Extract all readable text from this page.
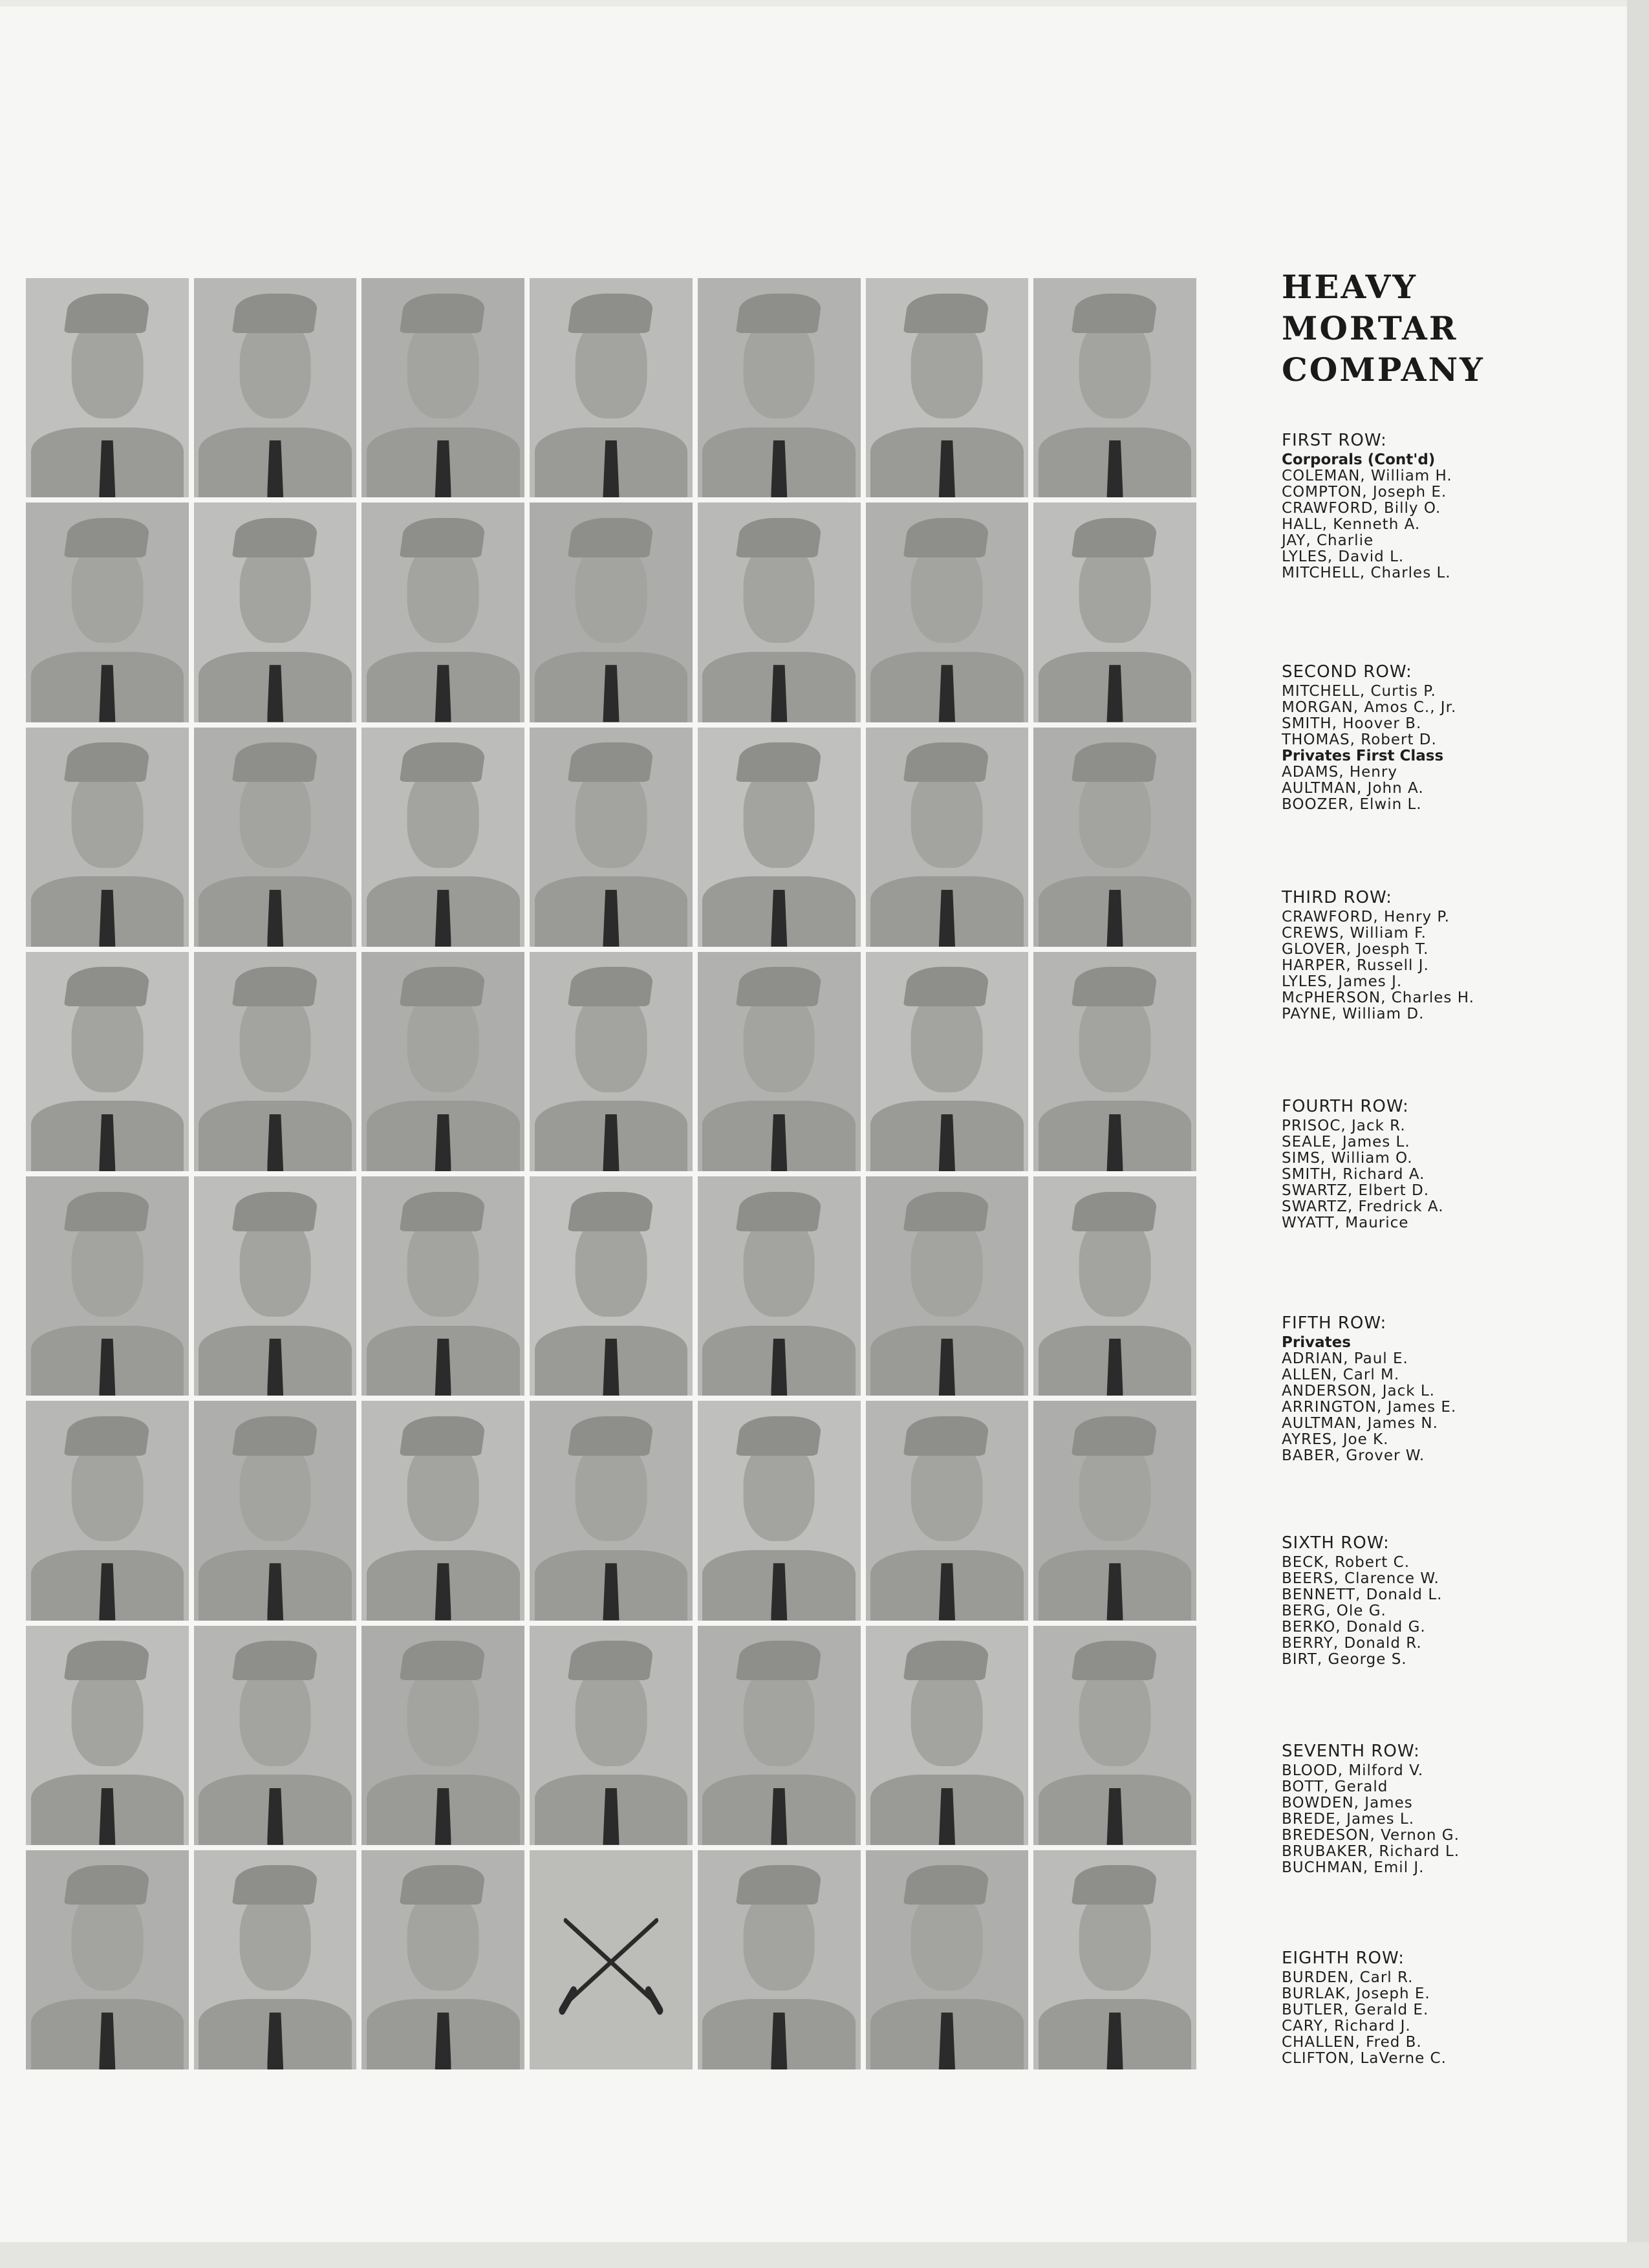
HEAVY
MORTAR
COMPANY
FIRST ROW:
Corporals (Cont'd)
COLEMAN, William H.
COMPTON, Joseph E.
CRAWFORD, Billy O.
HALL, Kenneth A.
JAY, Charlie
LYLES, David L.
MITCHELL, Charles L.
SECOND ROW:
MITCHELL, Curtis P.
MORGAN, Amos C., Jr.
SMITH, Hoover B.
THOMAS, Robert D.
Privates First Class
ADAMS, Henry
AULTMAN, John A.
BOOZER, Elwin L.
THIRD ROW:
CRAWFORD, Henry P.
CREWS, William F.
GLOVER, Joesph T.
HARPER, Russell J.
LYLES, James J.
McPHERSON, Charles H.
PAYNE, William D.
FOURTH ROW:
PRISOC, Jack R.
SEALE, James L.
SIMS, William O.
SMITH, Richard A.
SWARTZ, Elbert D.
SWARTZ, Fredrick A.
WYATT, Maurice
FIFTH ROW:
Privates
ADRIAN, Paul E.
ALLEN, Carl M.
ANDERSON, Jack L.
ARRINGTON, James E.
AULTMAN, James N.
AYRES, Joe K.
BABER, Grover W.
SIXTH ROW:
BECK, Robert C.
BEERS, Clarence W.
BENNETT, Donald L.
BERG, Ole G.
BERKO, Donald G.
BERRY, Donald R.
BIRT, George S.
SEVENTH ROW:
BLOOD, Milford V.
BOTT, Gerald
BOWDEN, James
BREDE, James L.
BREDESON, Vernon G.
BRUBAKER, Richard L.
BUCHMAN, Emil J.
EIGHTH ROW:
BURDEN, Carl R.
BURLAK, Joseph E.
BUTLER, Gerald E.
CARY, Richard J.
CHALLEN, Fred B.
CLIFTON, LaVerne C.
